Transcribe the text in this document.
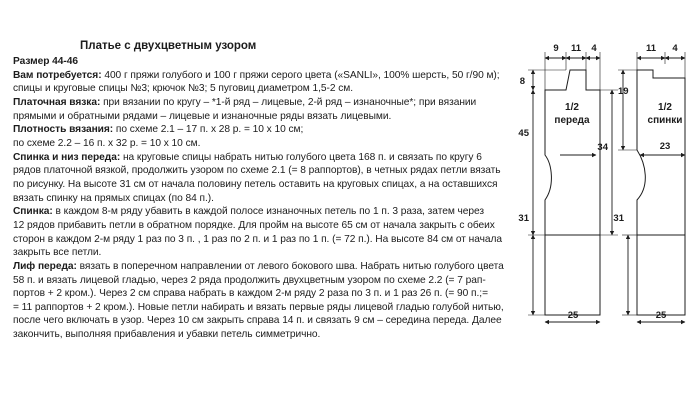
Платье с двухцветным узором
Размер 44-46
Вам потребуется: 400 г пряжи голубого и 100 г пряжи серого цвета («SANLI», 100% шерсть, 50 г/90 м);
спицы и круговые спицы №3; крючок №3; 5 пуговиц диаметром 1,5-2 см.
Платочная вязка: при вязании по кругу – *1-й ряд – лицевые, 2-й ряд – изнаночные*; при вязании
прямыми и обратными рядами – лицевые и изнаночные ряды вязать лицевыми.
Плотность вязания: по схеме 2.1 – 17 п. х 28 р. = 10 х 10 см;
по схеме 2.2 – 16 п. х 32 р. = 10 х 10 см.
Спинка и низ переда: на круговые спицы набрать нитью голубого цвета 168 п. и связать по кругу 6
рядов платочной вязкой, продолжить узором по схеме 2.1 (= 8 раппортов), в четных рядах петли вязать
по рисунку. На высоте 31 см от начала половину петель оставить на круговых спицах, а на оставшихся
вязать спинку на прямых спицах (по 84 п.).
Спинка: в каждом 8-м ряду убавить в каждой полосе изнаночных петель по 1 п. 3 раза, затем через
12 рядов прибавить петли в обратном порядке. Для пройм на высоте 65 см от начала закрыть с обеих
сторон в каждом 2-м ряду 1 раз по 3 п. , 1 раз по 2 п. и 1 раз по 1 п. (= 72 п.). На высоте 84 см от начала
закрыть все петли.
Лиф переда: вязать в поперечном направлении от левого бокового шва. Набрать нитью голубого цвета
58 п. и вязать лицевой гладью, через 2 ряда продолжить двухцветным узором по схеме 2.2 (= 7 рап-
портов + 2 кром.). Через 2 см справа набрать в каждом 2-м ряду 2 раза по 3 п. и 1 раз 26 п. (= 90 п.;=
= 11 раппортов + 2 кром.). Новые петли набирать и вязать первые ряды лицевой гладью голубой нитью,
после чего включать в узор. Через 10 см закрыть справа 14 п. и связать 9 см – середина переда. Далее
закончить, выполняя прибавления и убавки петель симметрично.
1/2
переда
9 11 4
8
45
31
34
25
1/2
спинки
11 4
19
23
31
25
